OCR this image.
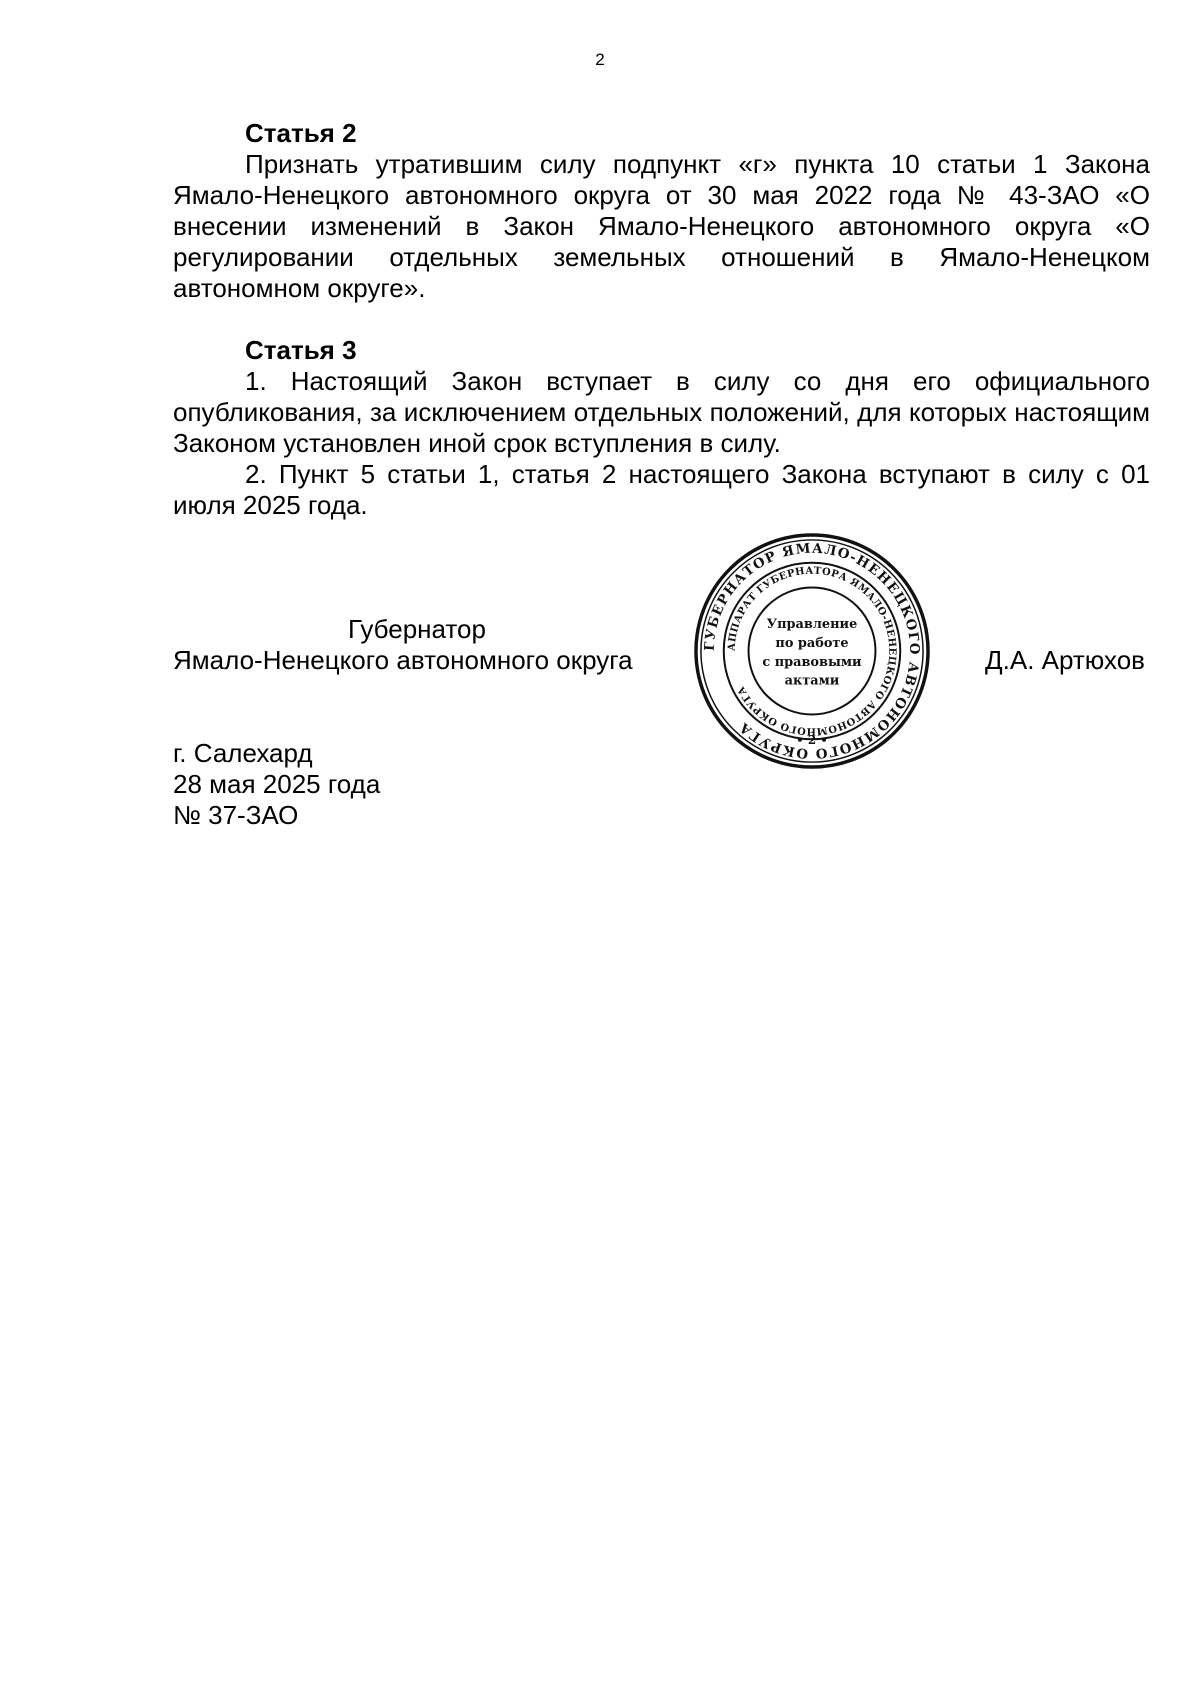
2

Статья 2

Признать утратившим силу подпункт «г» пункта 10 статьи 1 Закона Ямало-Ненецкого автономного округа от 30 мая 2022 года № 43-ЗАО «О внесении изменений в Закон Ямало-Ненецкого автономного округа «О регулировании отдельных земельных отношений в Ямало-Ненецком автономном округе».

Статья 3

1. Настоящий Закон вступает в силу со дня его официального опубликования, за исключением отдельных положений, для которых настоящим Законом установлен иной срок вступления в силу.

2. Пункт 5 статьи 1, статья 2 настоящего Закона вступают в силу с 01 июля 2025 года.

Губернатор
Ямало-Ненецкого автономного округа	Д.А. Артюхов
ГУБЕРНАТОР ЯМАЛО-НЕНЕЦКОГО АВТОНОМНОГО ОКРУГА
АППАРАТ ГУБЕРНАТОРА ЯМАЛО-НЕНЕЦКОГО АВТОНОМНОГО ОКРУГА
Управление
по работе
с правовыми
актами
• 2 •
г. Салехард
28 мая 2025 года
№ 37-ЗАО
